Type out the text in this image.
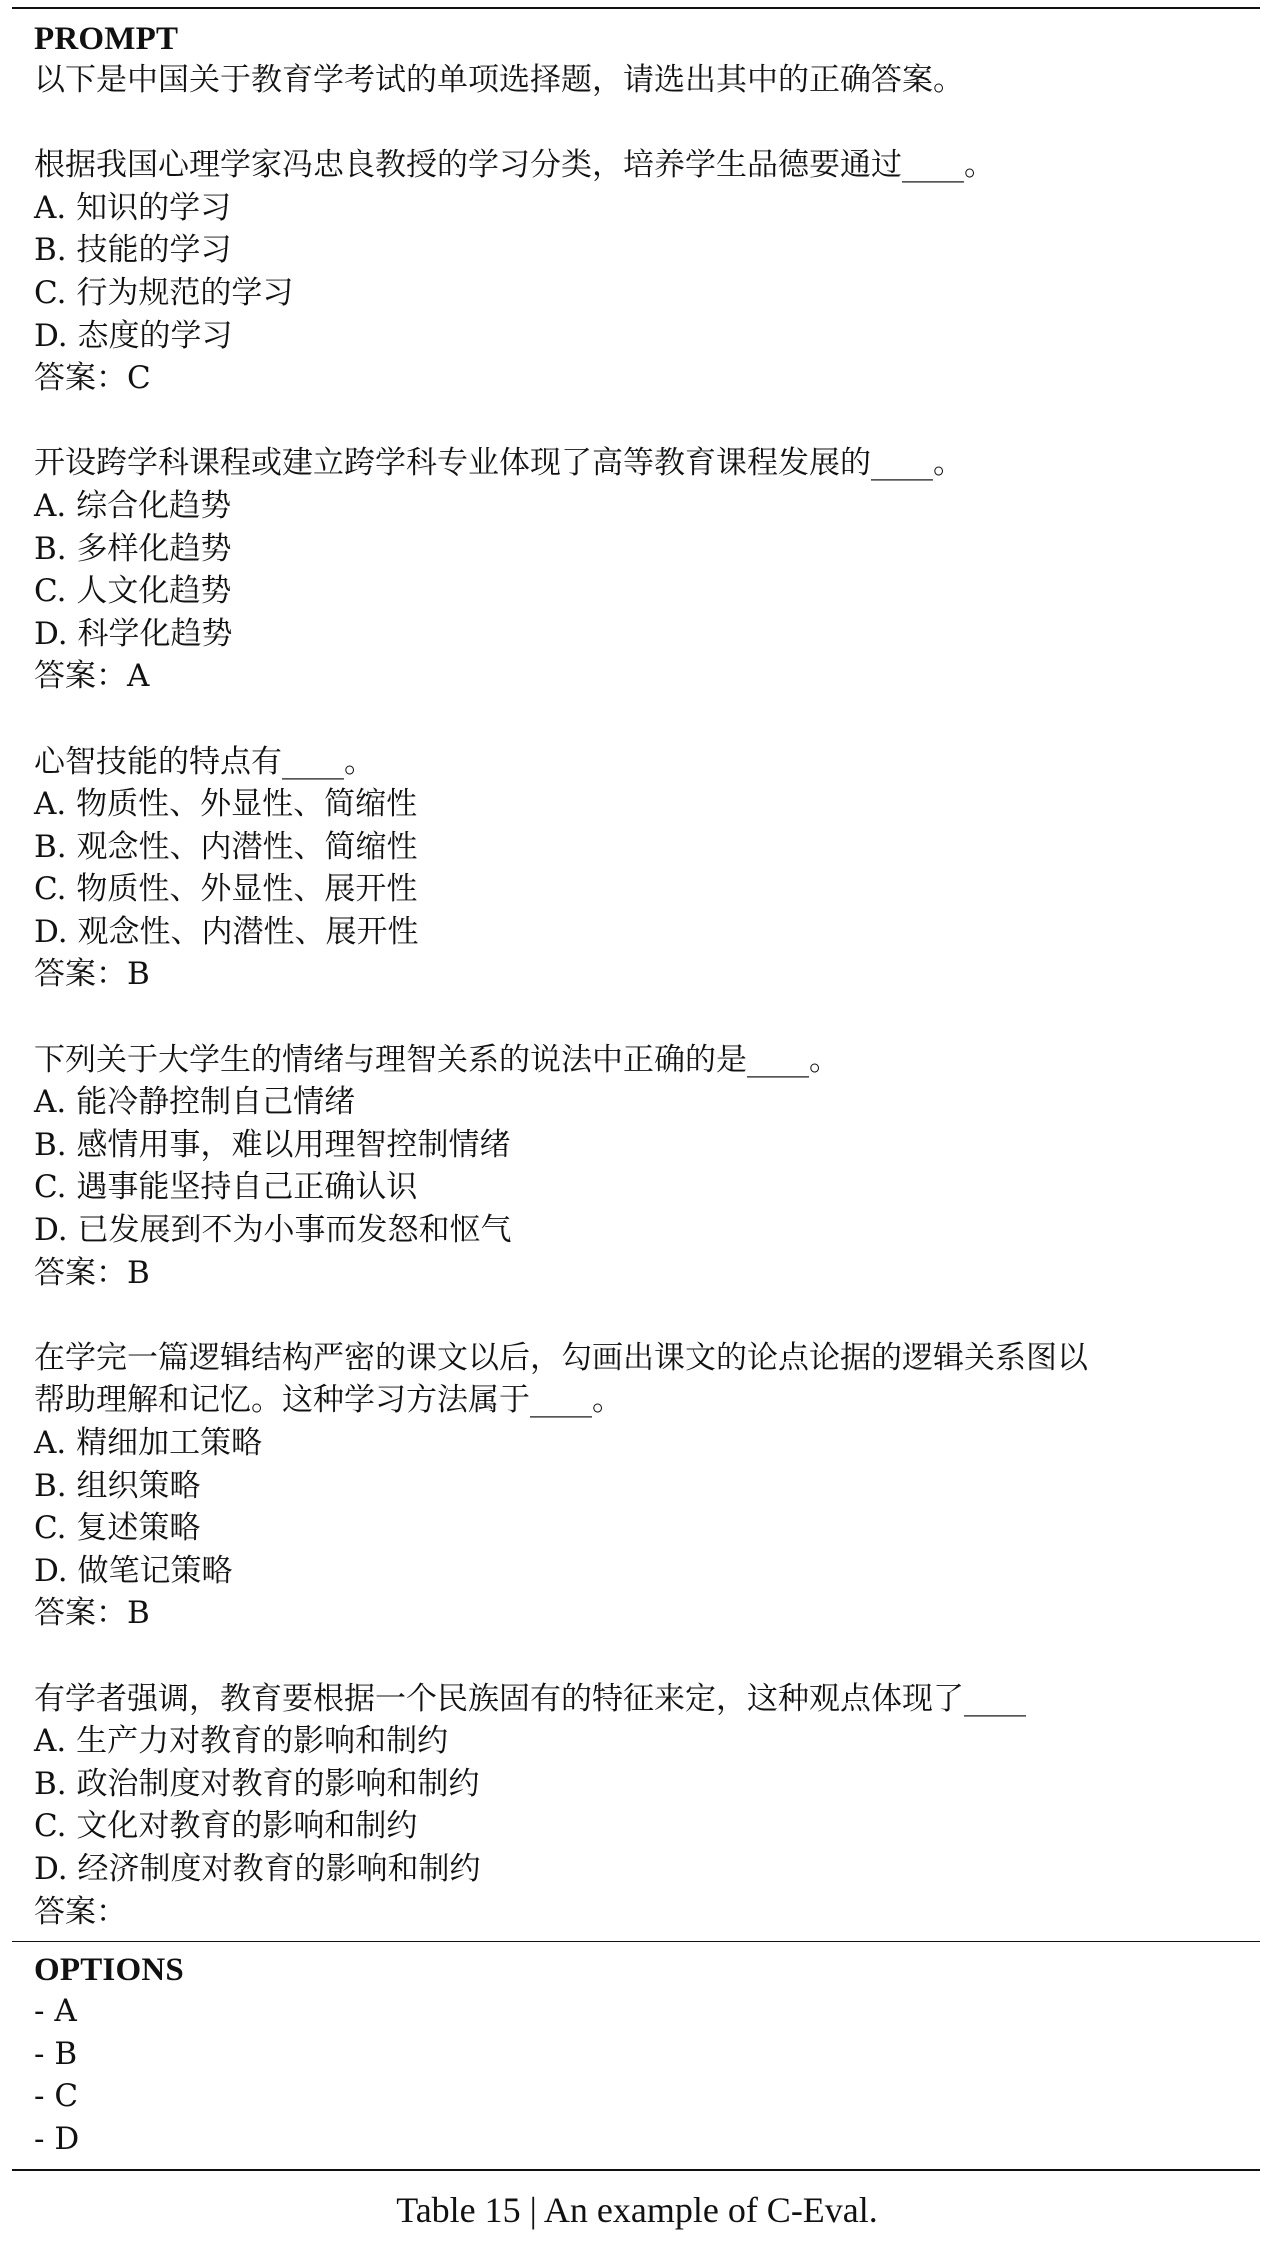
PROMPT
以下是中国关于教育学考试的单项选择题，请选出其中的正确答案。
根据我国心理学家冯忠良教授的学习分类，培养学生品德要通过____。
A. 知识的学习
B. 技能的学习
C. 行为规范的学习
D. 态度的学习
答案：C
开设跨学科课程或建立跨学科专业体现了高等教育课程发展的____。
A. 综合化趋势
B. 多样化趋势
C. 人文化趋势
D. 科学化趋势
答案：A
心智技能的特点有____。
A. 物质性、外显性、简缩性
B. 观念性、内潜性、简缩性
C. 物质性、外显性、展开性
D. 观念性、内潜性、展开性
答案：B
下列关于大学生的情绪与理智关系的说法中正确的是____。
A. 能冷静控制自己情绪
B. 感情用事，难以用理智控制情绪
C. 遇事能坚持自己正确认识
D. 已发展到不为小事而发怒和怄气
答案：B
在学完一篇逻辑结构严密的课文以后，勾画出课文的论点论据的逻辑关系图以
帮助理解和记忆。这种学习方法属于____。
A. 精细加工策略
B. 组织策略
C. 复述策略
D. 做笔记策略
答案：B
有学者强调，教育要根据一个民族固有的特征来定，这种观点体现了____
A. 生产力对教育的影响和制约
B. 政治制度对教育的影响和制约
C. 文化对教育的影响和制约
D. 经济制度对教育的影响和制约
答案：
OPTIONS
- A
- B
- C
- D
Table 15 | An example of C-Eval.
